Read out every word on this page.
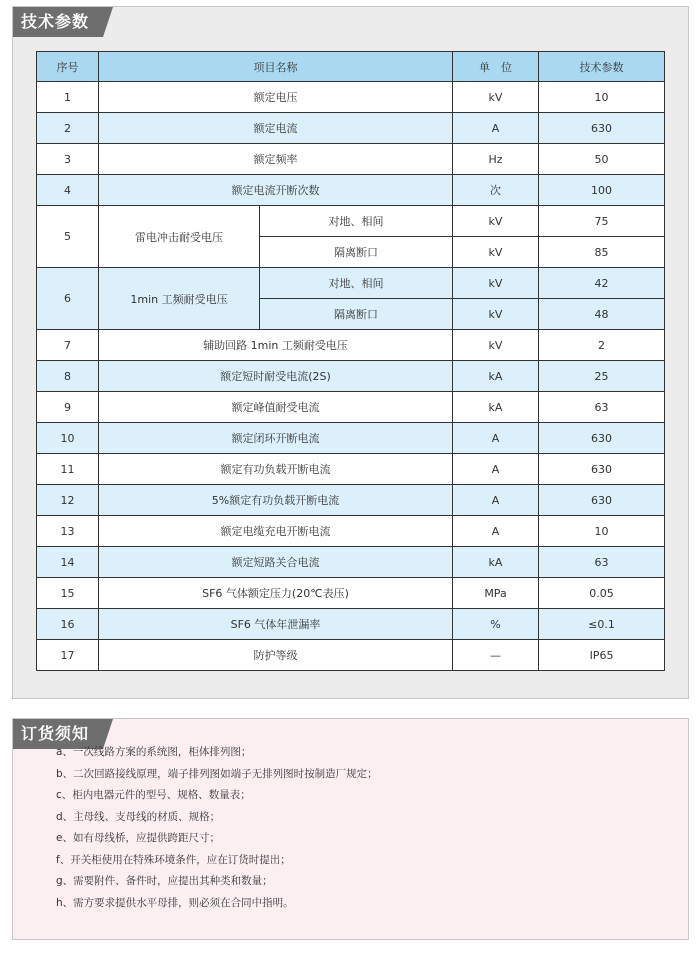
技术参数
序号	项目名称		单　位	技术参数
1	额定电压		kV	10
2	额定电流		A	630
3	额定频率		Hz	50
4	额定电流开断次数		次	100
5	雷电冲击耐受电压	对地、相间	kV	75
		隔离断口	kV	85
6	1min 工频耐受电压	对地、相间	kV	42
		隔离断口	kV	48
7	辅助回路 1min 工频耐受电压		kV	2
8	额定短时耐受电流(2S)		kA	25
9	额定峰值耐受电流		kA	63
10	额定闭环开断电流		A	630
11	额定有功负载开断电流		A	630
12	5%额定有功负载开断电流		A	630
13	额定电缆充电开断电流		A	10
14	额定短路关合电流		kA	63
15	SF6 气体额定压力(20℃表压)		MPa	0.05
16	SF6 气体年泄漏率		%	≤0.1
17	防护等级		—	IP65
订货须知
a、一次线路方案的系统图，柜体排列图；
b、二次回路接线原理，端子排列图如端子无排列图时按制造厂规定；
c、柜内电器元件的型号、规格、数量表；
d、主母线、支母线的材质、规格；
e、如有母线桥，应提供跨距尺寸；
f、开关柜使用在特殊环境条件，应在订货时提出；
g、需要附件、备件时，应提出其种类和数量；
h、需方要求提供水平母排，则必须在合同中指明。
